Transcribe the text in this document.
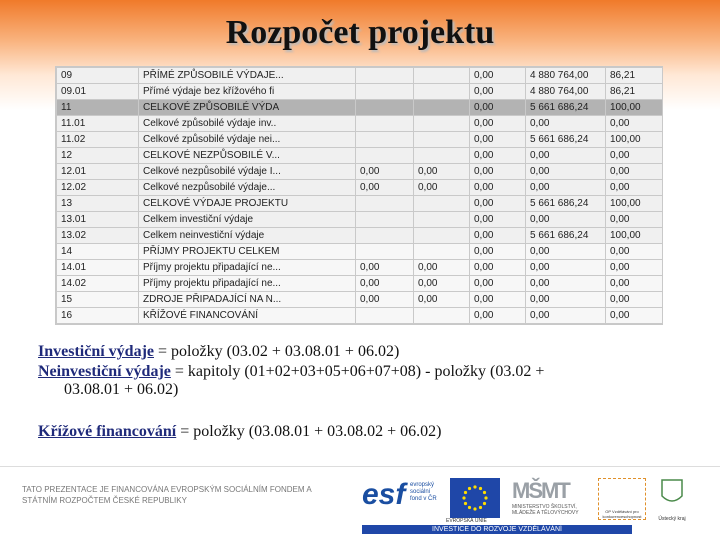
Rozpočet projektu
09	PŘÍMÉ ZPŮSOBILÉ VÝDAJE...			0,00	4 880 764,00	86,21
09.01	Přímé výdaje bez křížového fi			0,00	4 880 764,00	86,21
11	CELKOVÉ ZPŮSOBILÉ VÝDA			0,00	5 661 686,24	100,00
11.01	Celkové způsobilé výdaje inv..			0,00	0,00	0,00
11.02	Celkové způsobilé výdaje nei...			0,00	5 661 686,24	100,00
12	CELKOVÉ NEZPŮSOBILÉ V...			0,00	0,00	0,00
12.01	Celkové nezpůsobilé výdaje I...	0,00	0,00	0,00	0,00	0,00
12.02	Celkové nezpůsobilé výdaje...	0,00	0,00	0,00	0,00	0,00
13	CELKOVÉ VÝDAJE PROJEKTU			0,00	5 661 686,24	100,00
13.01	Celkem investiční výdaje			0,00	0,00	0,00
13.02	Celkem neinvestiční výdaje			0,00	5 661 686,24	100,00
14	PŘÍJMY PROJEKTU CELKEM			0,00	0,00	0,00
14.01	Příjmy projektu připadající ne...	0,00	0,00	0,00	0,00	0,00
14.02	Příjmy projektu připadající ne...	0,00	0,00	0,00	0,00	0,00
15	ZDROJE PŘIPADAJÍCÍ NA N...	0,00	0,00	0,00	0,00	0,00
16	KŘÍŽOVÉ FINANCOVÁNÍ			0,00	0,00	0,00
Investiční výdaje = položky (03.02 + 03.08.01 + 06.02)
Neinvestiční výdaje = kapitoly (01+02+03+05+06+07+08) - položky (03.02 +
03.08.01 + 06.02)
Křížové financování = položky (03.08.01 + 03.08.02 + 06.02)
TATO PREZENTACE JE FINANCOVÁNA EVROPSKÝM SOCIÁLNÍM FONDEM A STÁTNÍM ROZPOČTEM ČESKÉ REPUBLIKY	esf evropský sociální fond v ČR
EVROPSKÁ UNIE
MŠMT
MINISTERSTVO ŠKOLSTVÍ, MLÁDEŽE A TĚLOVÝCHOVY	OP Vzdělávání pro konkurenceschopnost	Ústecký kraj
INVESTICE DO ROZVOJE VZDĚLÁVÁNÍ
